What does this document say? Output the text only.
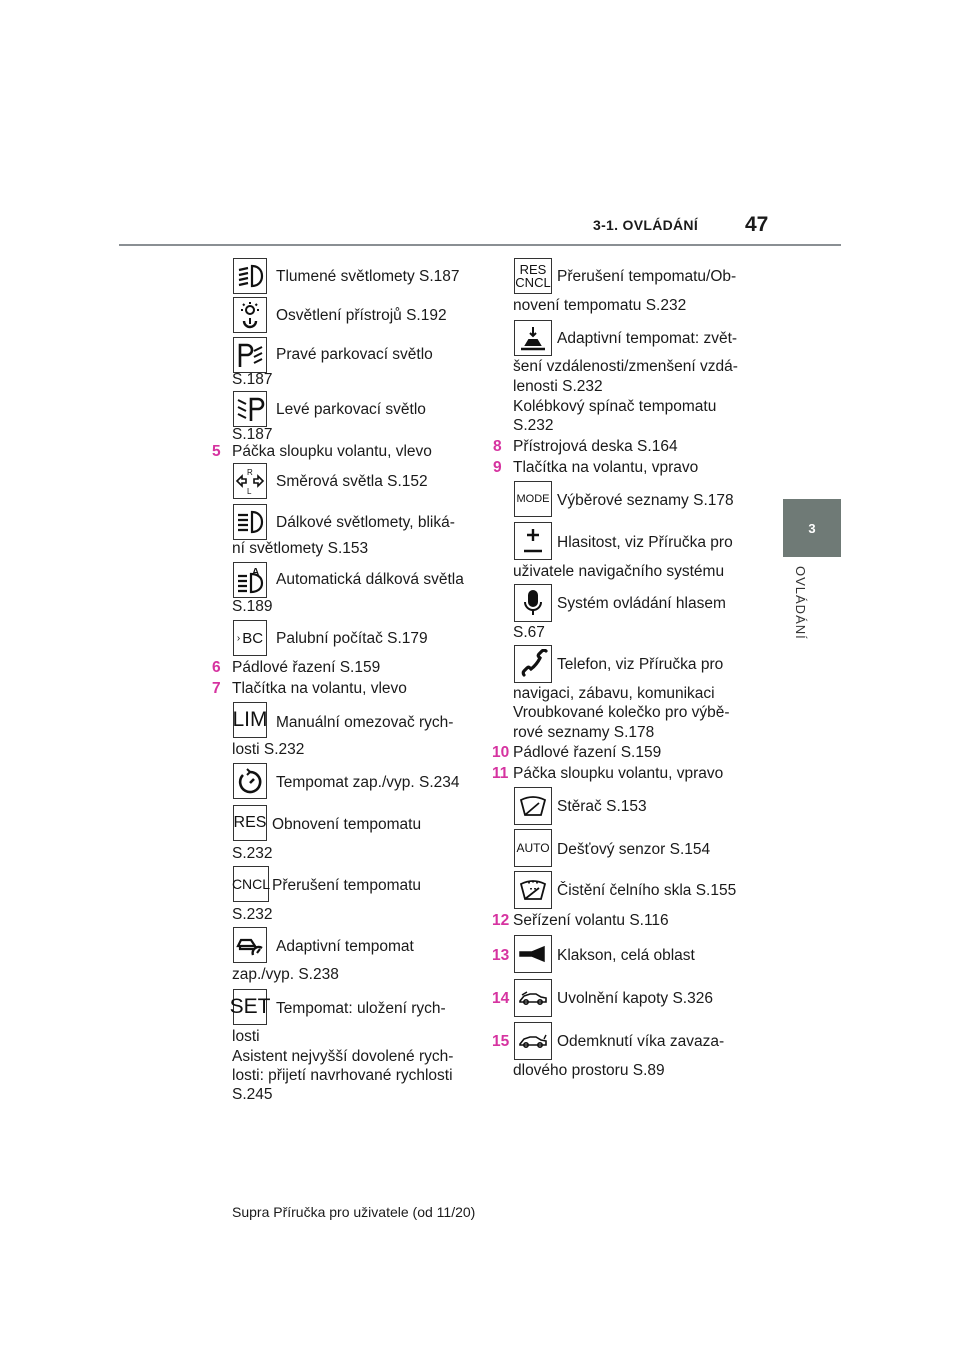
3-1. OVLÁDÁNÍ 47
3
OVLÁDÁNÍ
Tlumené světlomety S.187
Osvětlení přístrojů S.192
Pravé parkovací světlo
S.187
Levé parkovací světlo
S.187
5 Páčka sloupku volantu, vlevo
R
L
Směrová světla S.152
Dálkové světlomety, bliká-
ní světlomety S.153
A Automatická dálková světla
S.189
› BC Palubní počítač S.179
6 Pádlové řazení S.159
7 Tlačítka na volantu, vlevo
LIM Manuální omezovač rych-
losti S.232
Tempomat zap./vyp. S.234
RES Obnovení tempomatu
S.232
CNCL Přerušení tempomatu
S.232
Adaptivní tempomat
zap./vyp. S.238
SET Tempomat: uložení rych-
losti
Asistent nejvyšší dovolené rych-
losti: přijetí navrhované rychlosti
S.245
RES
CNCL Přerušení tempomatu/Ob-
novení tempomatu S.232
Adaptivní tempomat: zvět-
šení vzdálenosti/zmenšení vzdá-
lenosti S.232
Kolébkový spínač tempomatu
S.232
8 Přístrojová deska S.164
9 Tlačítka na volantu, vpravo
MODE Výběrové seznamy S.178
Hlasitost, viz Příručka pro
uživatele navigačního systému
Systém ovládání hlasem
S.67
Telefon, viz Příručka pro
navigaci, zábavu, komunikaci
Vroubkované kolečko pro výbě-
rové seznamy S.178
10 Pádlové řazení S.159
11 Páčka sloupku volantu, vpravo
Stěrač S.153
AUTO Dešťový senzor S.154
Čistění čelního skla S.155
12 Seřízení volantu S.116
13	Klakson, celá oblast
14	Uvolnění kapoty S.326
15	Odemknutí víka zavaza-
dlového prostoru S.89
Supra Příručka pro uživatele (od 11/20)
